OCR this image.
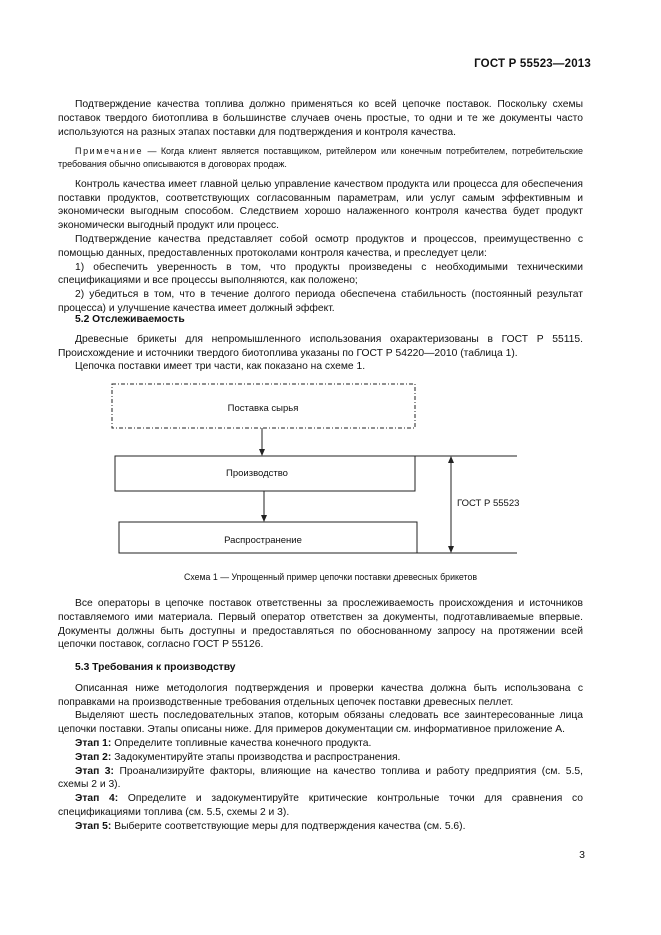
ГОСТ Р 55523—2013

Подтверждение качества топлива должно применяться ко всей цепочке поставок. Поскольку схемы поставок твердого биотоплива в большинстве случаев очень простые, то одни и те же документы часто используются на разных этапах поставки для подтверждения и контроля качества.

Примечание — Когда клиент является поставщиком, ритейлером или конечным потребителем, потребительские требования обычно описываются в договорах продаж.

Контроль качества имеет главной целью управление качеством продукта или процесса для обеспечения поставки продуктов, соответствующих согласованным параметрам, или услуг самым эффективным и экономически выгодным способом. Следствием хорошо налаженного контроля качества будет продукт экономически выгодный продукт или процесс.

Подтверждение качества представляет собой осмотр продуктов и процессов, преимущественно с помощью данных, предоставленных протоколами контроля качества, и преследует цели:

1) обеспечить уверенность в том, что продукты произведены с необходимыми техническими спецификациями и все процессы выполняются, как положено;

2) убедиться в том, что в течение долгого периода обеспечена стабильность (постоянный результат процесса) и улучшение качества имеет должный эффект.

5.2 Отслеживаемость

Древесные брикеты для непромышленного использования охарактеризованы в ГОСТ Р 55115. Происхождение и источники твердого биотоплива указаны по ГОСТ Р 54220—2010 (таблица 1).

Цепочка поставки имеет три части, как показано на схеме 1.

Поставка сырья
Производство
Распространение
ГОСТ Р 55523
Схема 1 — Упрощенный пример цепочки поставки древесных брикетов

Все операторы в цепочке поставок ответственны за прослеживаемость происхождения и источников поставляемого ими материала. Первый оператор ответствен за документы, подготавливаемые впервые. Документы должны быть доступны и предоставляться по обоснованному запросу на протяжении всей цепочки поставок, согласно ГОСТ Р 55126.

5.3 Требования к производству

Описанная ниже методология подтверждения и проверки качества должна быть использована с поправками на производственные требования отдельных цепочек поставки древесных пеллет.

Выделяют шесть последовательных этапов, которым обязаны следовать все заинтересованные лица цепочки поставки. Этапы описаны ниже. Для примеров документации см. информативное приложение А.

Этап 1: Определите топливные качества конечного продукта.

Этап 2: Задокументируйте этапы производства и распространения.

Этап 3: Проанализируйте факторы, влияющие на качество топлива и работу предприятия (см. 5.5, схемы 2 и 3).

Этап 4: Определите и задокументируйте критические контрольные точки для сравнения со спецификациями топлива (см. 5.5, схемы 2 и 3).

Этап 5: Выберите соответствующие меры для подтверждения качества (см. 5.6).

3
